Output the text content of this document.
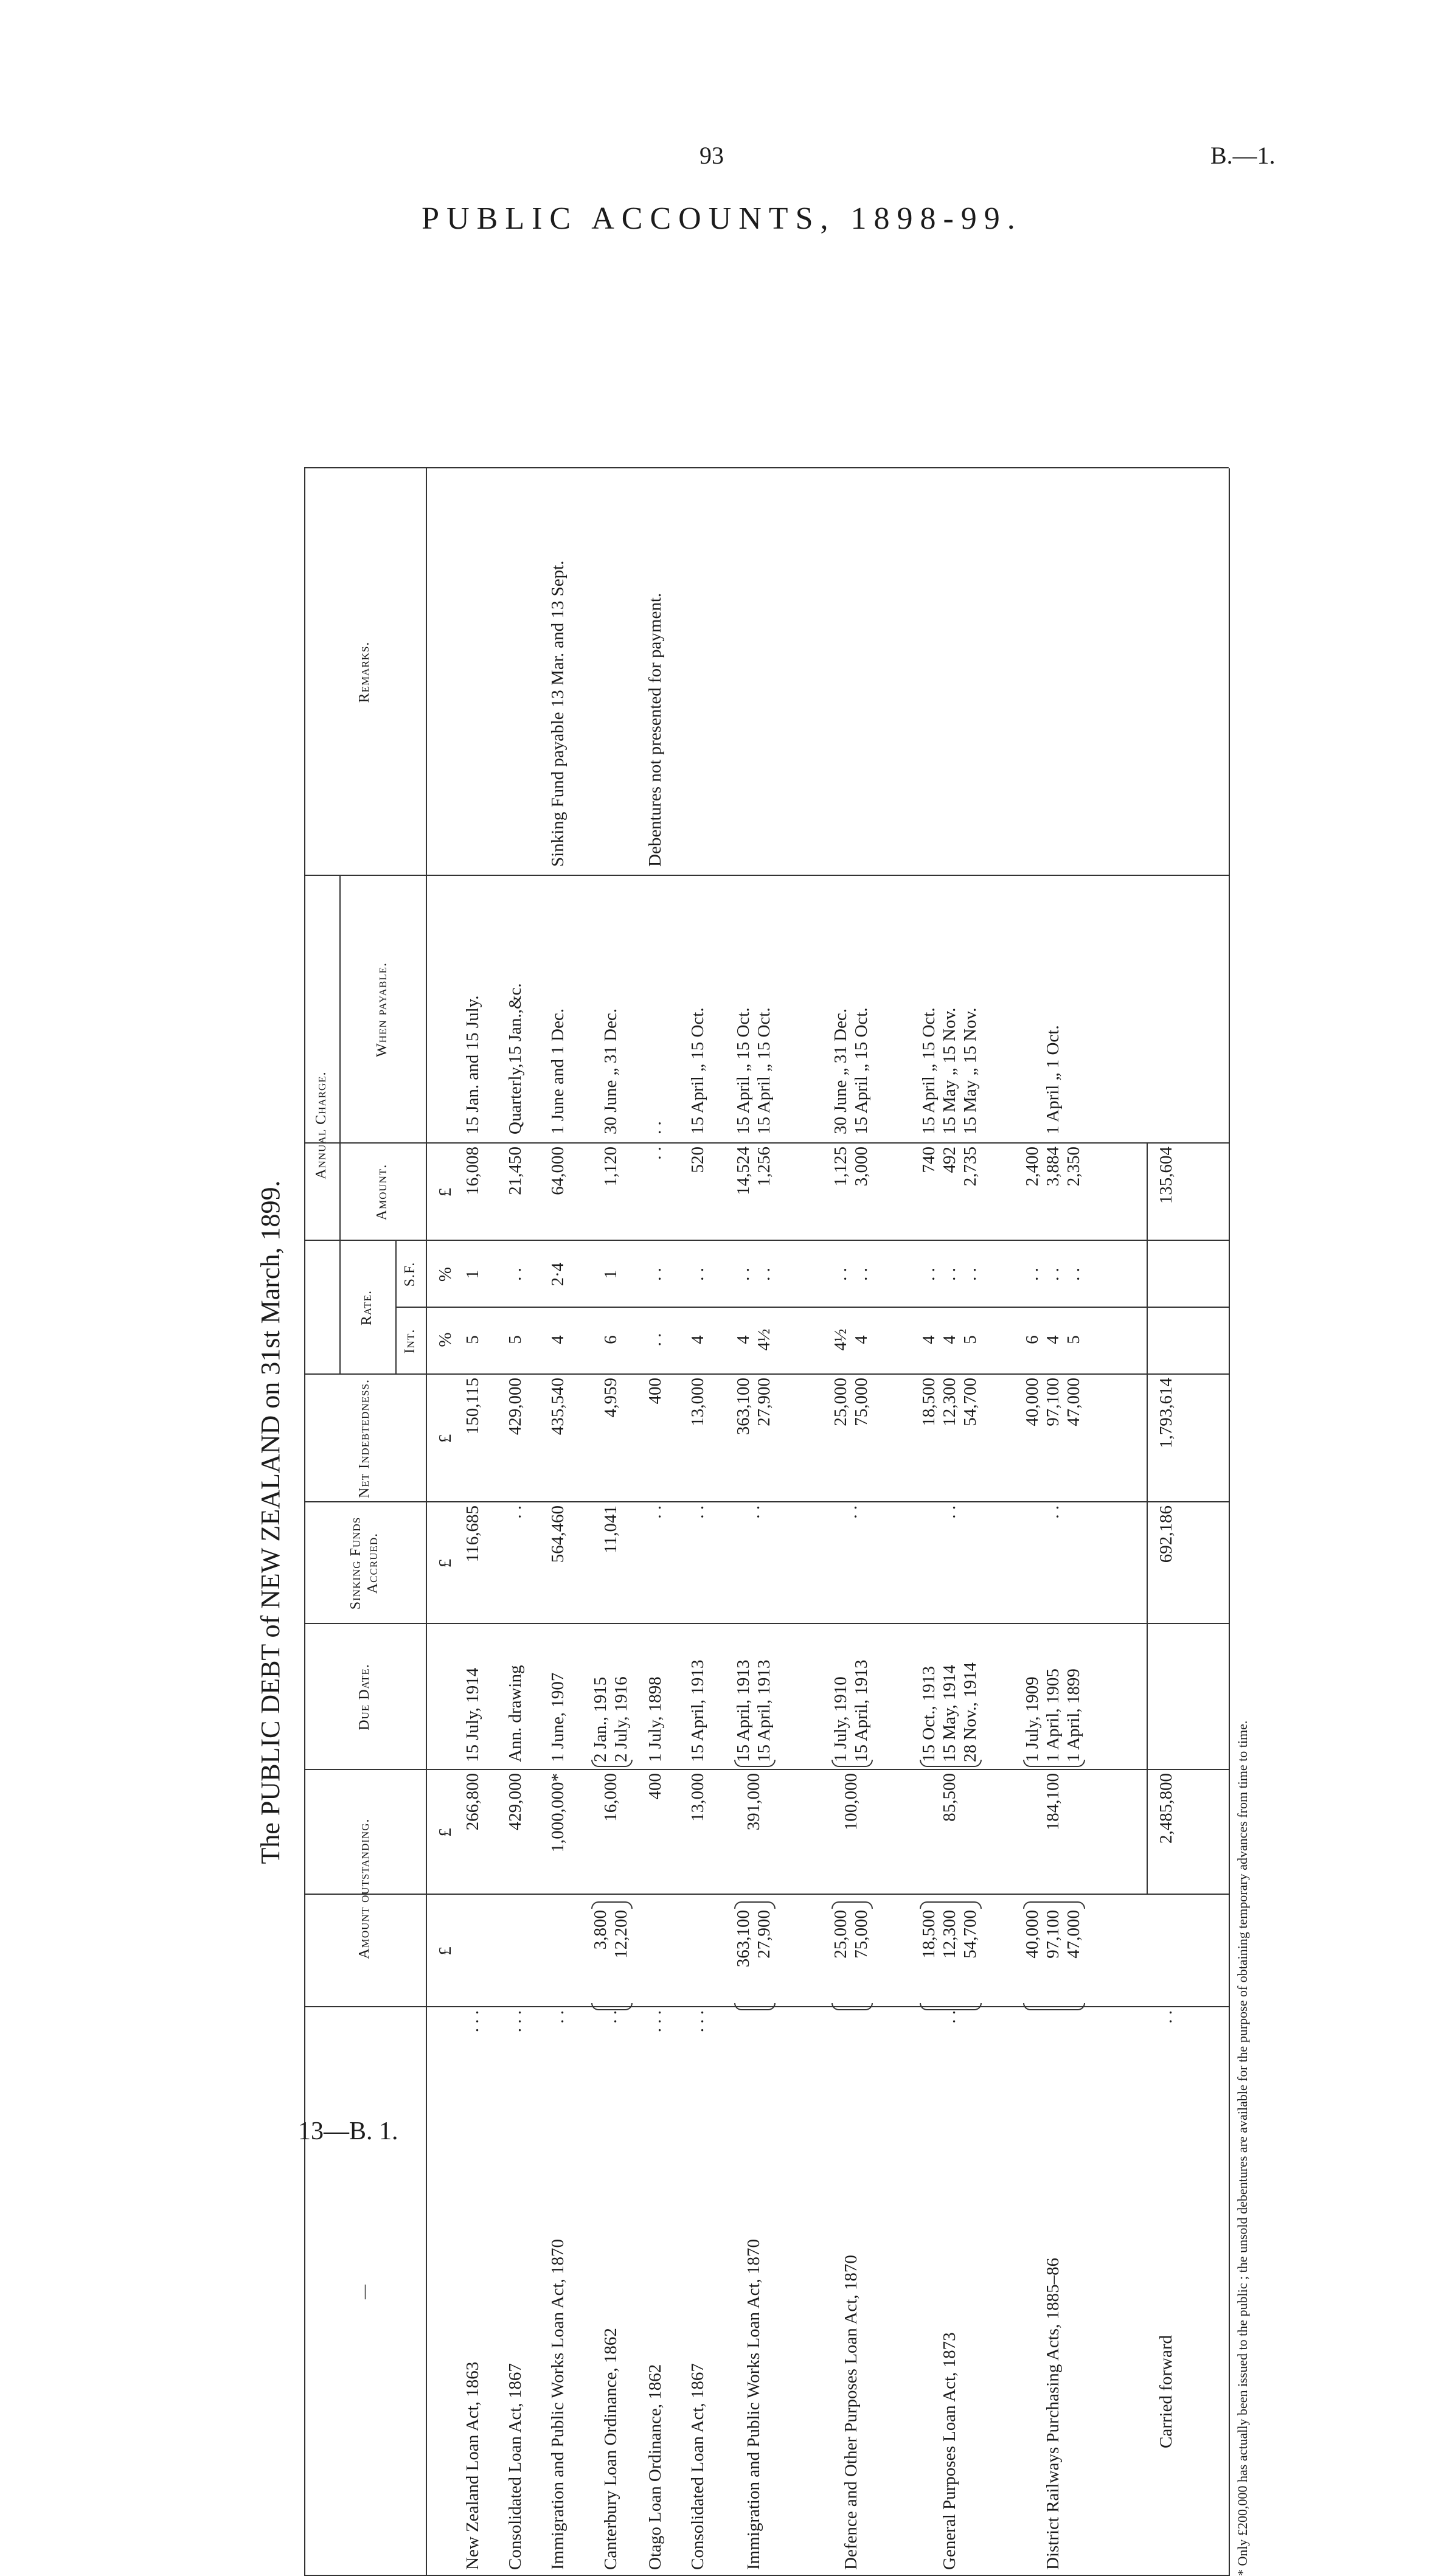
93	B.—1.
PUBLIC ACCOUNTS, 1898-99.
The PUBLIC DEBT of NEW ZEALAND on 31st March, 1899.
—
Amount outstanding.
Due Date.
Sinking Funds Accrued.
Net Indebtedness.
Annual Charge.
Rate.
Int.
S.F.
Amount.
When payable.
Remarks.
£
£
£
£
%
%
£
New Zealand Loan Act, 1863
. . .
266,800
15 July, 1914
116,685
150,115
5
1
16,008
15 Jan. and 15 July.
Consolidated Loan Act, 1867
. . .
429,000
Ann. drawing
. .
429,000
5
. .
21,450
Quarterly,15 Jan.,&c.
Immigration and Public Works Loan Act, 1870
. .
1,000,000*
1 June, 1907
564,460
435,540
4
2·4
64,000
1 June and 1 Dec.
Sinking Fund payable 13 Mar. and 13 Sept.
Canterbury Loan Ordinance, 1862
. .
3,800 12,200
16,000
2 Jan., 1915 2 July, 1916
11,041
4,959
6
1
1,120
30 June „ 31 Dec.
Otago Loan Ordinance, 1862
. . .
400
1 July, 1898
. .
400
. .
. .
. .
. .
Debentures not presented for payment.
Consolidated Loan Act, 1867
. . .
13,000
15 April, 1913
. .
13,000
4
. .
520
15 April „ 15 Oct.
Immigration and Public Works Loan Act, 1870
363,100 27,900
391,000
15 April, 1913 15 April, 1913
. .
363,100 27,900
4 4½
. . . .
14,524 1,256
15 April „ 15 Oct. 15 April „ 15 Oct.
Defence and Other Purposes Loan Act, 1870
25,000 75,000
100,000
1 July, 1910 15 April, 1913
. .
25,000 75,000
4½ 4
. . . .
1,125 3,000
30 June „ 31 Dec. 15 April „ 15 Oct.
General Purposes Loan Act, 1873
. .
18,500 12,300 54,700
85,500
15 Oct., 1913 15 May, 1914 28 Nov., 1914
. .
18,500 12,300 54,700
4 4 5
. . . . . .
740 492 2,735
15 April „ 15 Oct. 15 May „ 15 Nov. 15 May „ 15 Nov.
District Railways Purchasing Acts, 1885–86
40,000 97,100 47,000
184,100
1 July, 1909 1 April, 1905 1 April, 1899
. .
40,000 97,100 47,000
6 4 5
. . . . . .
2,400 3,884 2,350
1 April „ 1 Oct.
Carried forward
. .
2,485,800
692,186
1,793,614
135,604
* Only £200,000 has actually been issued to the public ; the unsold debentures are available for the purpose of obtaining temporary advances from time to time.
13—B. 1.
